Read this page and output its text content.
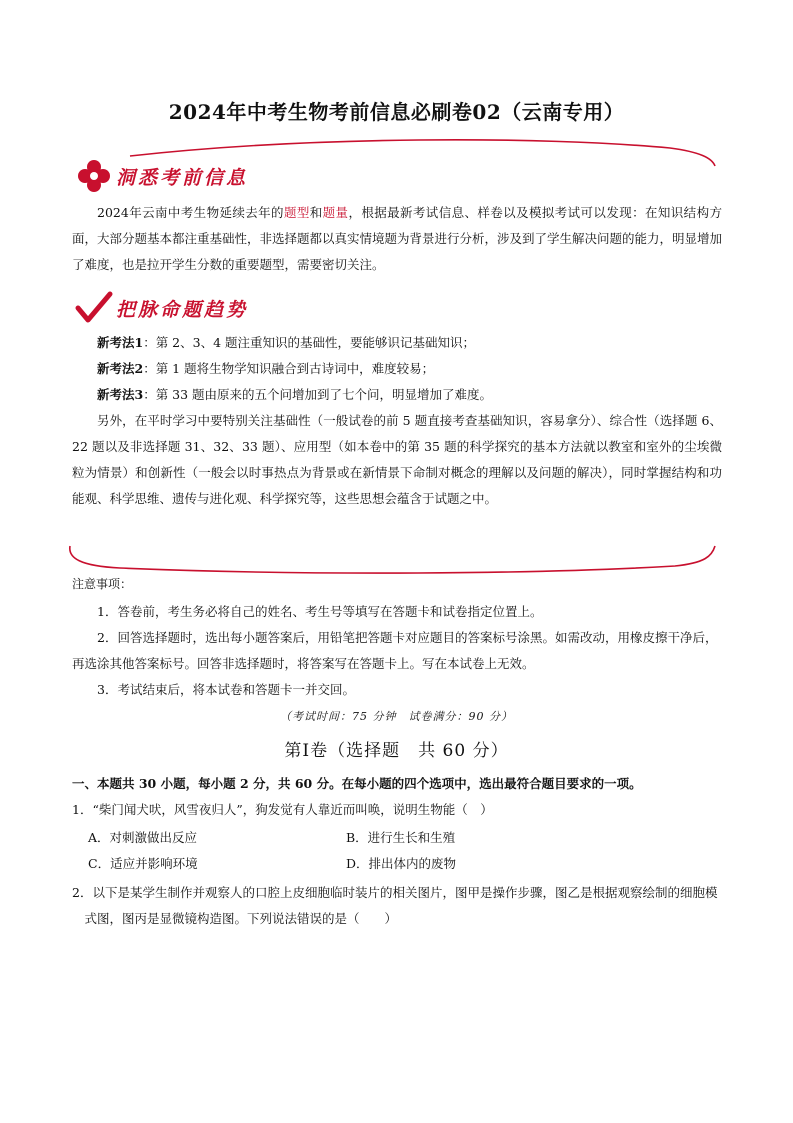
2024年中考生物考前信息必刷卷02（云南专用）
洞悉考前信息
2024年云南中考生物延续去年的题型和题量，根据最新考试信息、样卷以及模拟考试可以发现：在知识结构方面，大部分题基本都注重基础性，非选择题都以真实情境题为背景进行分析，涉及到了学生解决问题的能力，明显增加了难度，也是拉开学生分数的重要题型，需要密切关注。
把脉命题趋势

新考法1：第 2、3、4 题注重知识的基础性，要能够识记基础知识；

新考法2：第 1 题将生物学知识融合到古诗词中，难度较易；

新考法3：第 33 题由原来的五个问增加到了七个问，明显增加了难度。

另外，在平时学习中要特别关注基础性（一般试卷的前 5 题直接考查基础知识，容易拿分）、综合性（选择题 6、22 题以及非选择题 31、32、33 题）、应用型（如本卷中的第 35 题的科学探究的基本方法就以教室和室外的尘埃微粒为情景）和创新性（一般会以时事热点为背景或在新情景下命制对概念的理解以及问题的解决），同时掌握结构和功能观、科学思维、遗传与进化观、科学探究等，这些思想会蕴含于试题之中。

注意事项：

1．答卷前，考生务必将自己的姓名、考生号等填写在答题卡和试卷指定位置上。

2．回答选择题时，选出每小题答案后，用铅笔把答题卡对应题目的答案标号涂黑。如需改动，用橡皮擦干净后，再选涂其他答案标号。回答非选择题时，将答案写在答题卡上。写在本试卷上无效。

3．考试结束后，将本试卷和答题卡一并交回。

（考试时间：75 分钟　试卷满分：90 分）
第Ⅰ卷（选择题　共 60 分）
一、本题共 30 小题，每小题 2 分，共 60 分。在每小题的四个选项中，选出最符合题目要求的一项。
1．“柴门闻犬吠，风雪夜归人”，狗发觉有人靠近而叫唤，说明生物能（　）
A．对刺激做出反应	B．进行生长和生殖
C．适应并影响环境	D．排出体内的废物
2．以下是某学生制作并观察人的口腔上皮细胞临时装片的相关图片，图甲是操作步骤，图乙是根据观察绘制的细胞模式图，图丙是显微镜构造图。下列说法错误的是（　　）
